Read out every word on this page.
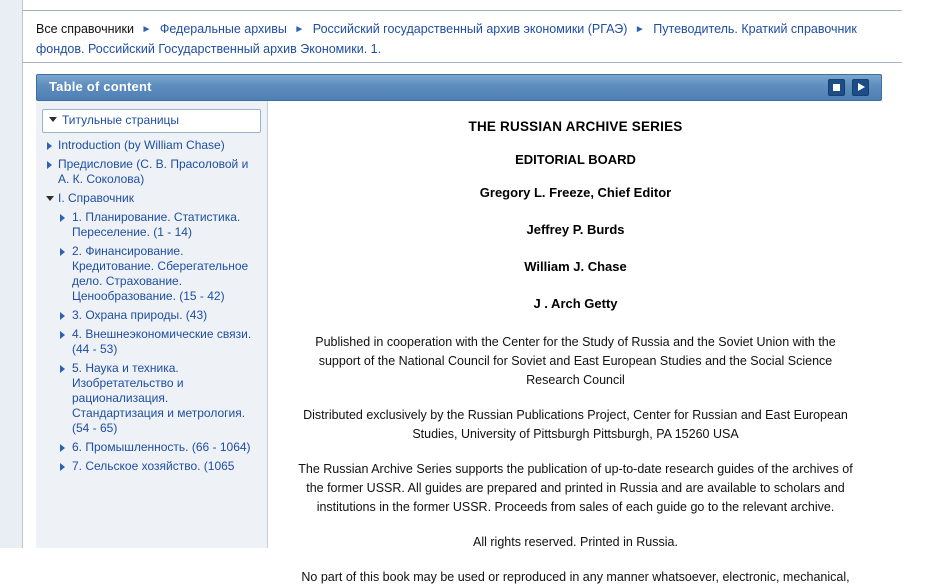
Все справочники ► Федеральные архивы ► Российский государственный архив экономики (РГАЭ) ► Путеводитель. Краткий справочник фондов. Российский Государственный архив Экономики. 1.
Table of content
Титульные страницы
Introduction (by William Chase)
Предисловие (С. В. Прасоловой и А. К. Соколова)
I. Справочник
1. Планирование. Статистика. Переселение. (1 - 14)
2. Финансирование. Кредитование. Сберегательное дело. Страхование. Ценообразование. (15 - 42)
3. Охрана природы. (43)
4. Внешнеэкономические связи. (44 - 53)
5. Наука и техника. Изобретательство и рационализация. Стандартизация и метрология. (54 - 65)
6. Промышленность. (66 - 1064)
7. Сельское хозяйство. (1065
THE RUSSIAN ARCHIVE SERIES
EDITORIAL BOARD
Gregory L. Freeze, Chief Editor
Jeffrey P. Burds
William J. Chase
J . Arch Getty
Published in cooperation with the Center for the Study of Russia and the Soviet Union with the support of the National Council for Soviet and East European Studies and the Social Science Research Council
Distributed exclusively by the Russian Publications Project, Center for Russian and East European Studies, University of Pittsburgh Pittsburgh, PA 15260 USA
The Russian Archive Series supports the publication of up-to-date research guides of the archives of the former USSR. All guides are prepared and printed in Russia and are available to scholars and institutions in the former USSR. Proceeds from sales of each guide go to the relevant archive.
All rights reserved. Printed in Russia.
No part of this book may be used or reproduced in any manner whatsoever, electronic, mechanical,
